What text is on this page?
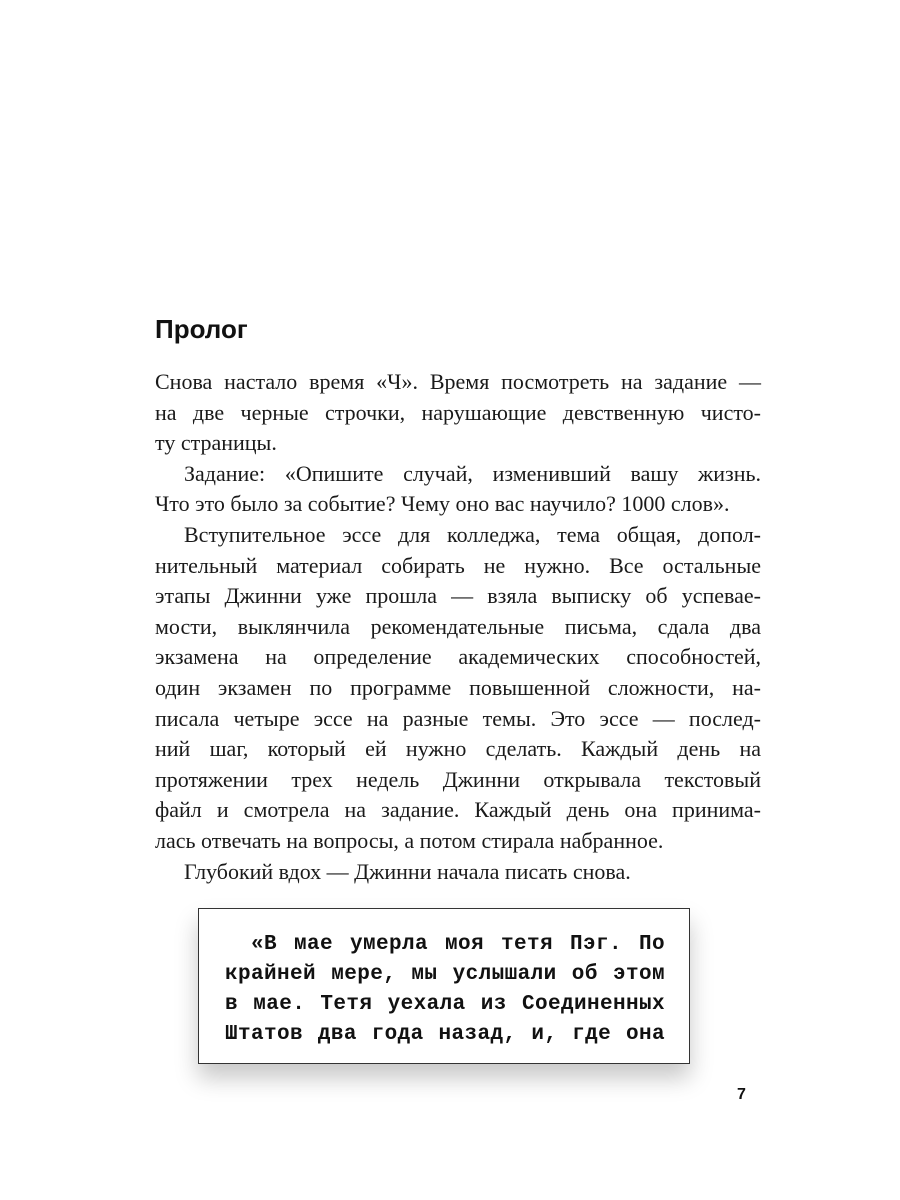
Пролог
Снова настало время «Ч». Время посмотреть на задание —
на две черные строчки, нарушающие девственную чисто-
ту страницы.
Задание: «Опишите случай, изменивший вашу жизнь.
Что это было за событие? Чему оно вас научило? 1000 слов».
Вступительное эссе для колледжа, тема общая, допол-
нительный материал собирать не нужно. Все остальные
этапы Джинни уже прошла — взяла выписку об успевае-
мости, выклянчила рекомендательные письма, сдала два
экзамена на определение академических способностей,
один экзамен по программе повышенной сложности, на-
писала четыре эссе на разные темы. Это эссе — послед-
ний шаг, который ей нужно сделать. Каждый день на
протяжении трех недель Джинни открывала текстовый
файл и смотрела на задание. Каждый день она принима-
лась отвечать на вопросы, а потом стирала набранное.
Глубокий вдох — Джинни начала писать снова.
«В мае умерла моя тетя Пэг. По
крайней мере, мы услышали об этом
в мае. Тетя уехала из Соединенных
Штатов два года назад, и, где она
7
